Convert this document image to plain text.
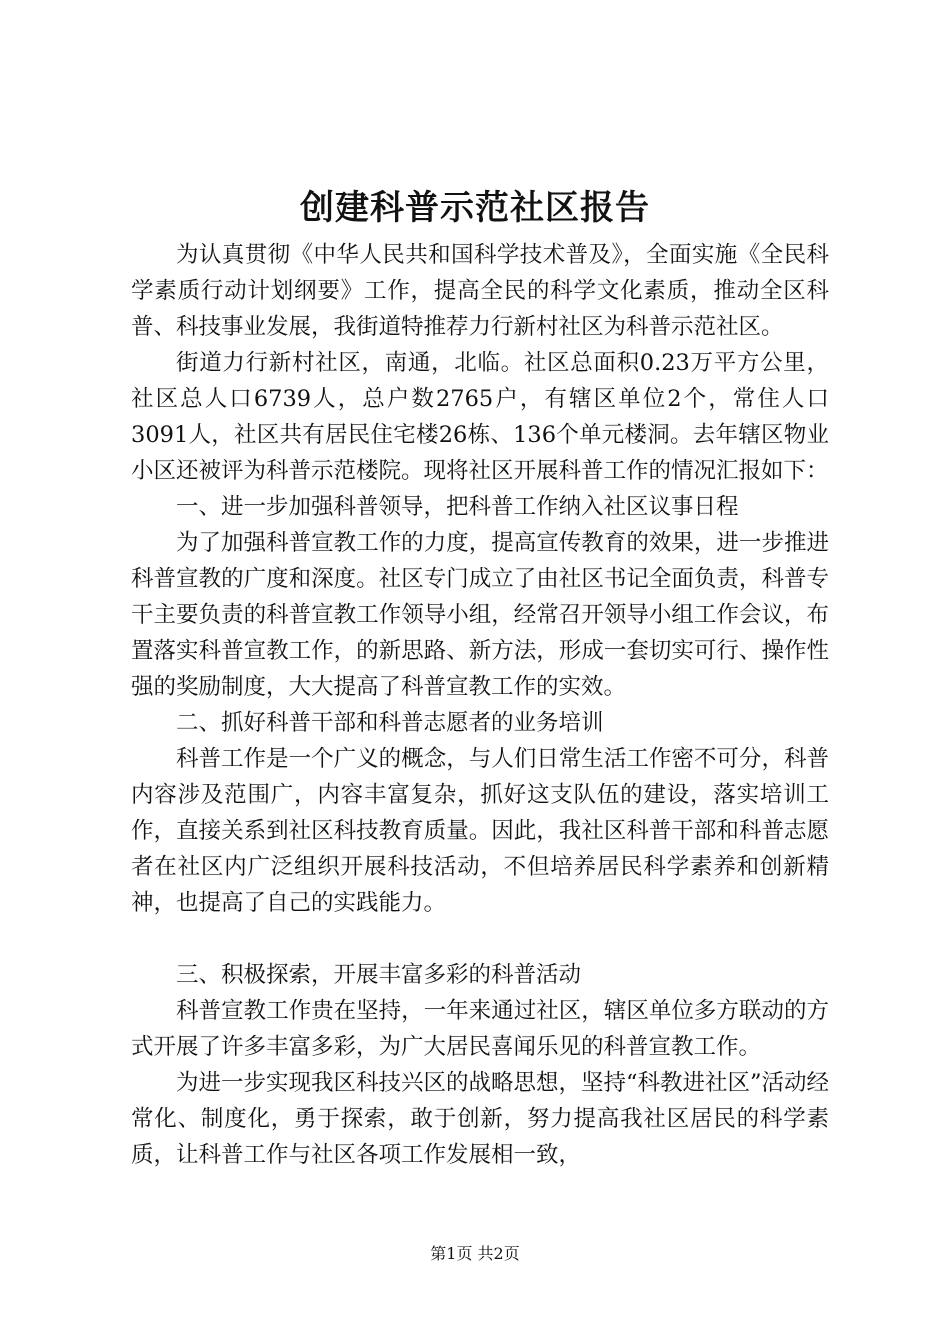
创建科普示范社区报告

为认真贯彻《中华人民共和国科学技术普及》，全面实施《全民科学素质行动计划纲要》工作，提高全民的科学文化素质，推动全区科普、科技事业发展，我街道特推荐力行新村社区为科普示范社区。

街道力行新村社区，南通，北临。社区总面积0.23万平方公里，社区总人口6739人，总户数2765户，有辖区单位2个，常住人口3091人，社区共有居民住宅楼26栋、136个单元楼洞。去年辖区物业小区还被评为科普示范楼院。现将社区开展科普工作的情况汇报如下：

一、进一步加强科普领导，把科普工作纳入社区议事日程

为了加强科普宣教工作的力度，提高宣传教育的效果，进一步推进科普宣教的广度和深度。社区专门成立了由社区书记全面负责，科普专干主要负责的科普宣教工作领导小组，经常召开领导小组工作会议，布置落实科普宣教工作，的新思路、新方法，形成一套切实可行、操作性强的奖励制度，大大提高了科普宣教工作的实效。

二、抓好科普干部和科普志愿者的业务培训

科普工作是一个广义的概念，与人们日常生活工作密不可分，科普内容涉及范围广，内容丰富复杂，抓好这支队伍的建设，落实培训工作，直接关系到社区科技教育质量。因此，我社区科普干部和科普志愿者在社区内广泛组织开展科技活动，不但培养居民科学素养和创新精神，也提高了自己的实践能力。

三、积极探索，开展丰富多彩的科普活动

科普宣教工作贵在坚持，一年来通过社区，辖区单位多方联动的方式开展了许多丰富多彩，为广大居民喜闻乐见的科普宣教工作。

为进一步实现我区科技兴区的战略思想，坚持“科教进社区”活动经常化、制度化，勇于探索，敢于创新，努力提高我社区居民的科学素质，让科普工作与社区各项工作发展相一致，

第1页 共2页
